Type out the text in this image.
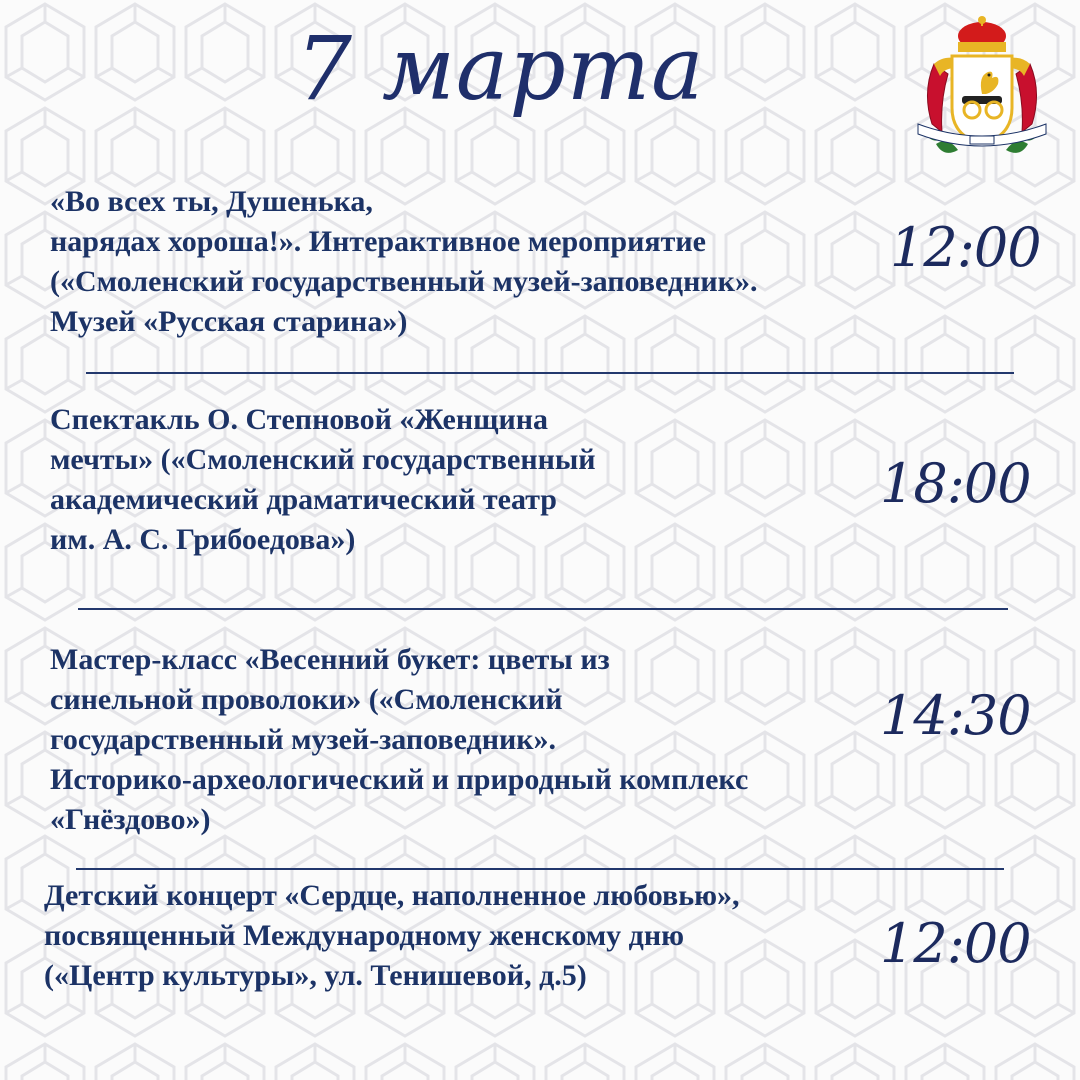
7 марта
«Во всех ты, Душенька,
нарядах хороша!». Интерактивное мероприятие
(«Смоленский государственный музей-заповедник».
Музей «Русская старина»)
12:00
Спектакль О. Степновой «Женщина
мечты» («Смоленский государственный
академический драматический театр
им. А. С. Грибоедова»)
18:00
Мастер-класс «Весенний букет: цветы из
синельной проволоки» («Смоленский
государственный музей-заповедник».
Историко-археологический и природный комплекс
«Гнёздово»)
14:30
Детский концерт «Сердце, наполненное любовью»,
посвященный Международному женскому дню
(«Центр культуры», ул. Тенишевой, д.5)
12:00
